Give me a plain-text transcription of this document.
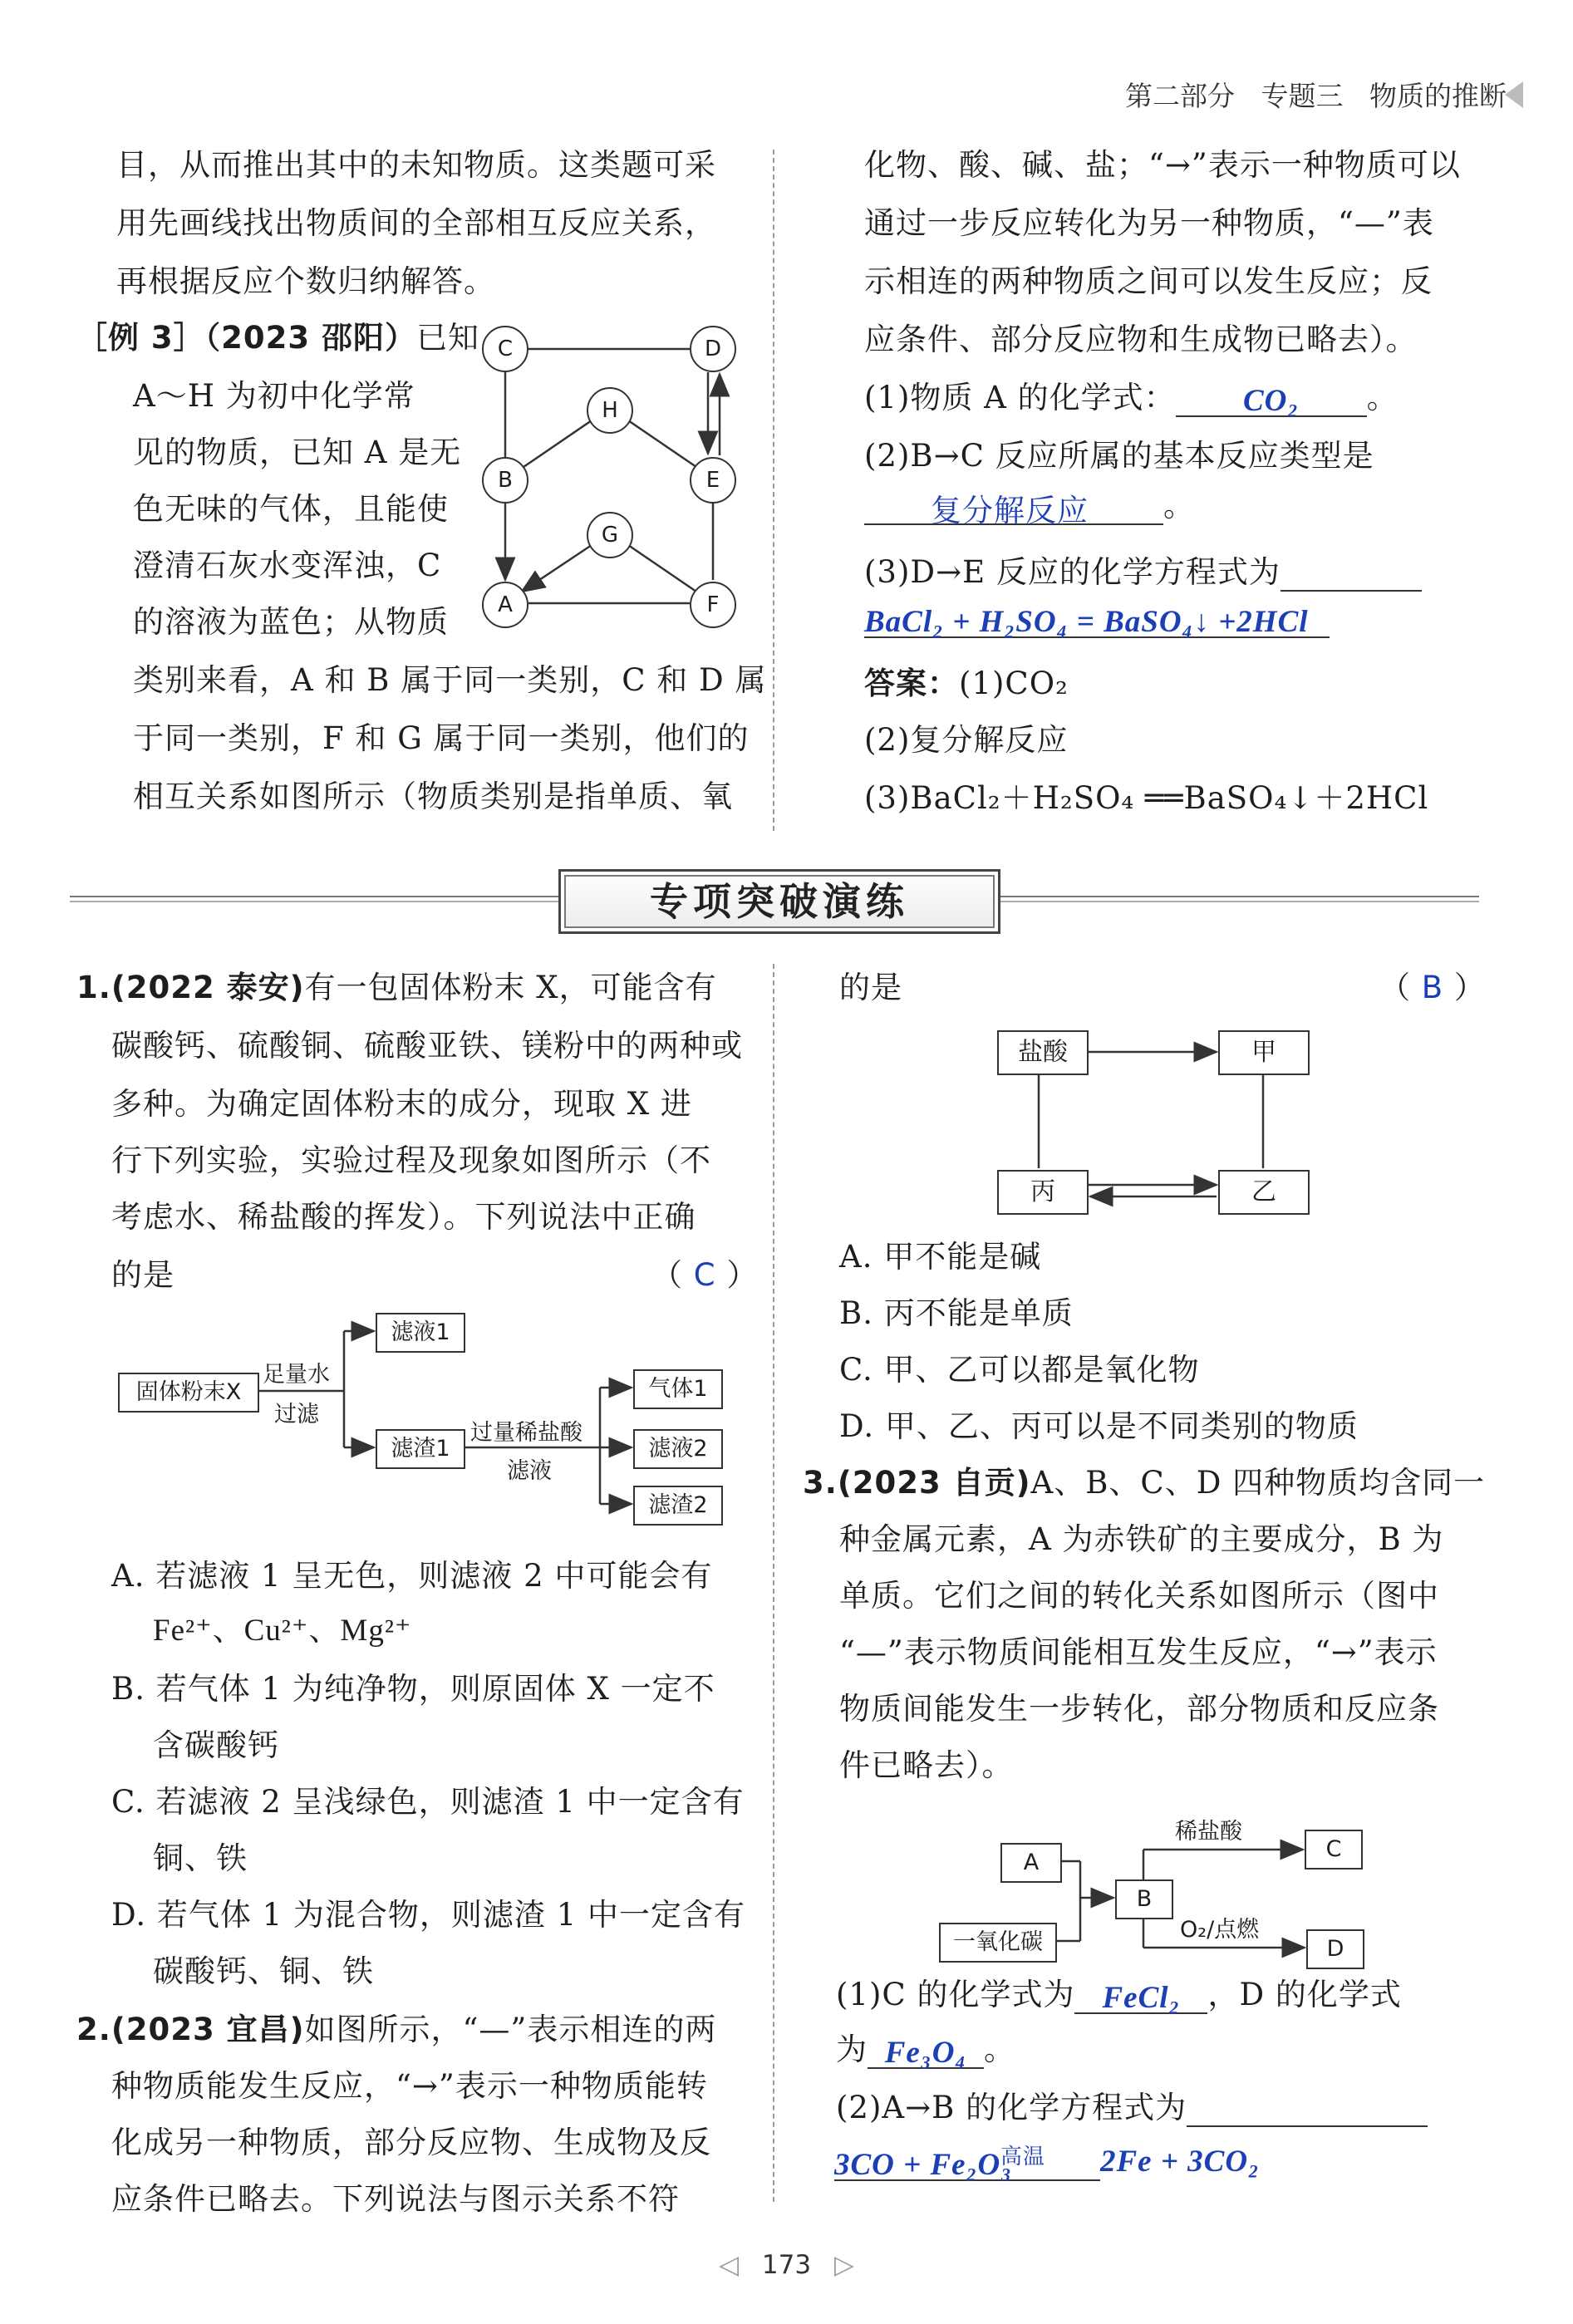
第二部分 专题三 物质的推断
目，从而推出其中的未知物质。这类题可采
用先画线找出物质间的全部相互反应关系，
再根据反应个数归纳解答。
［例 3］（2023 邵阳）已知
A～H 为初中化学常
见的物质，已知 A 是无
色无味的气体，且能使
澄清石灰水变浑浊，C
的溶液为蓝色；从物质
类别来看，A 和 B 属于同一类别，C 和 D 属
于同一类别，F 和 G 属于同一类别，他们的
相互关系如图所示（物质类别是指单质、氧
C	D
H
B	E
G
A	F
化物、酸、碱、盐；“→”表示一种物质可以
通过一步反应转化为另一种物质，“—”表
示相连的两种物质之间可以发生反应；反
应条件、部分反应物和生成物已略去）。
(1)物质 A 的化学式： CO₂ 。
(2)B→C 反应所属的基本反应类型是
复分解反应 。
(3)D→E 反应的化学方程式为
BaCl₂ + H₂SO₄ = BaSO₄↓ +2HCl
答案：(1)CO₂
(2)复分解反应
(3)BaCl₂＋H₂SO₄ ══BaSO₄↓＋2HCl
专项突破演练
1.(2022 泰安)有一包固体粉末 X，可能含有
碳酸钙、硫酸铜、硫酸亚铁、镁粉中的两种或
多种。为确定固体粉末的成分，现取 X 进
行下列实验，实验过程及现象如图所示（不
考虑水、稀盐酸的挥发）。下列说法中正确
的是	（ C ）
固体粉末X
足量水
过滤
滤液1
滤渣1
过量稀盐酸
滤液
气体1
滤液2
滤渣2
A. 若滤液 1 呈无色，则滤液 2 中可能会有
Fe²⁺、Cu²⁺、Mg²⁺
B. 若气体 1 为纯净物，则原固体 X 一定不
含碳酸钙
C. 若滤液 2 呈浅绿色，则滤渣 1 中一定含有
铜、铁
D. 若气体 1 为混合物，则滤渣 1 中一定含有
碳酸钙、铜、铁
2.(2023 宜昌)如图所示，“—”表示相连的两
种物质能发生反应，“→”表示一种物质能转
化成另一种物质，部分反应物、生成物及反
应条件已略去。下列说法与图示关系不符
的是	（ B ）
盐酸	甲
丙	乙
A. 甲不能是碱
B. 丙不能是单质
C. 甲、乙可以都是氧化物
D. 甲、乙、丙可以是不同类别的物质
3.(2023 自贡)A、B、C、D 四种物质均含同一
种金属元素，A 为赤铁矿的主要成分，B 为
单质。它们之间的转化关系如图所示（图中
“—”表示物质间能相互发生反应，“→”表示
物质间能发生一步转化，部分物质和反应条
件已略去）。
A
B
C
D
一氧化碳
稀盐酸
O₂/点燃
(1)C 的化学式为 FeCl₂ ，D 的化学式
为 Fe₃O₄ 。
(2)A→B 的化学方程式为
3CO + Fe₂O₃
高温 2Fe + 3CO₂
◁ 173 ▷
